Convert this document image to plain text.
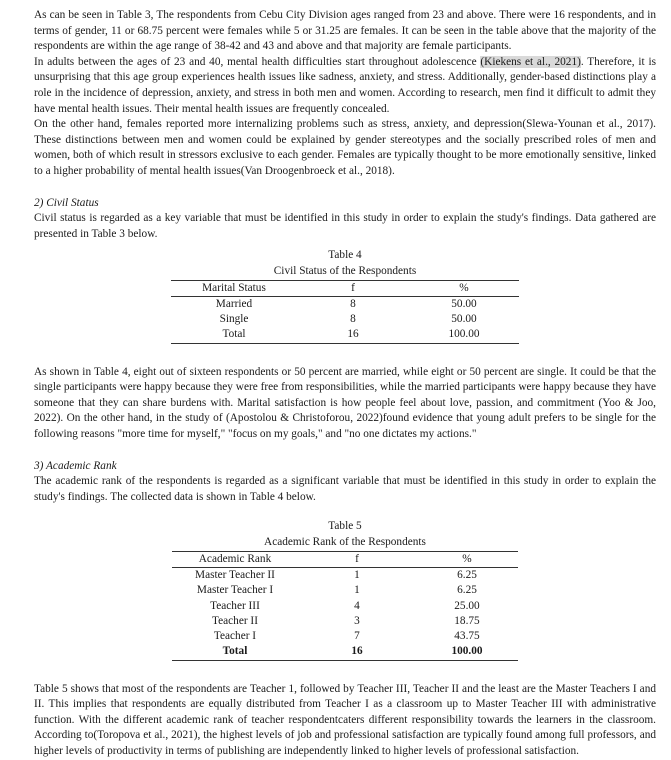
As can be seen in Table 3, The respondents from Cebu City Division ages ranged from 23 and above. There were 16 respondents, and in terms of gender, 11 or 68.75 percent were females while 5 or 31.25 are females. It can be seen in the table above that the majority of the respondents are within the age range of 38-42 and 43 and above and that majority are female participants.

In adults between the ages of 23 and 40, mental health difficulties start throughout adolescence (Kiekens et al., 2021). Therefore, it is unsurprising that this age group experiences health issues like sadness, anxiety, and stress. Additionally, gender-based distinctions play a role in the incidence of depression, anxiety, and stress in both men and women. According to research, men find it difficult to admit they have mental health issues. Their mental health issues are frequently concealed.

On the other hand, females reported more internalizing problems such as stress, anxiety, and depression(Slewa-Younan et al., 2017). These distinctions between men and women could be explained by gender stereotypes and the socially prescribed roles of men and women, both of which result in stressors exclusive to each gender. Females are typically thought to be more emotionally sensitive, linked to a higher probability of mental health issues(Van Droogenbroeck et al., 2018).

2) Civil Status

Civil status is regarded as a key variable that must be identified in this study in order to explain the study's findings. Data gathered are presented in Table 3 below.

Table 4
Civil Status of the Respondents
Marital Status	f	%
Married	8	50.00
Single	8	50.00
Total	16	100.00

As shown in Table 4, eight out of sixteen respondents or 50 percent are married, while eight or 50 percent are single. It could be that the single participants were happy because they were free from responsibilities, while the married participants were happy because they have someone that they can share burdens with. Marital satisfaction is how people feel about love, passion, and commitment (Yoo & Joo, 2022). On the other hand, in the study of (Apostolou & Christoforou, 2022)found evidence that young adult prefers to be single for the following reasons "more time for myself," "focus on my goals," and "no one dictates my actions."

3) Academic Rank

The academic rank of the respondents is regarded as a significant variable that must be identified in this study in order to explain the study's findings. The collected data is shown in Table 4 below.

Table 5
Academic Rank of the Respondents
Academic Rank	f	%
Master Teacher II	1	6.25
Master Teacher I	1	6.25
Teacher III	4	25.00
Teacher II	3	18.75
Teacher I	7	43.75
Total	16	100.00

Table 5 shows that most of the respondents are Teacher 1, followed by Teacher III, Teacher II and the least are the Master Teachers I and II. This implies that respondents are equally distributed from Teacher I as a classroom up to Master Teacher III with administrative function. With the different academic rank of teacher respondentcaters different responsibility towards the learners in the classroom. According to(Toropova et al., 2021), the highest levels of job and professional satisfaction are typically found among full professors, and higher levels of productivity in terms of publishing are independently linked to higher levels of professional satisfaction.
